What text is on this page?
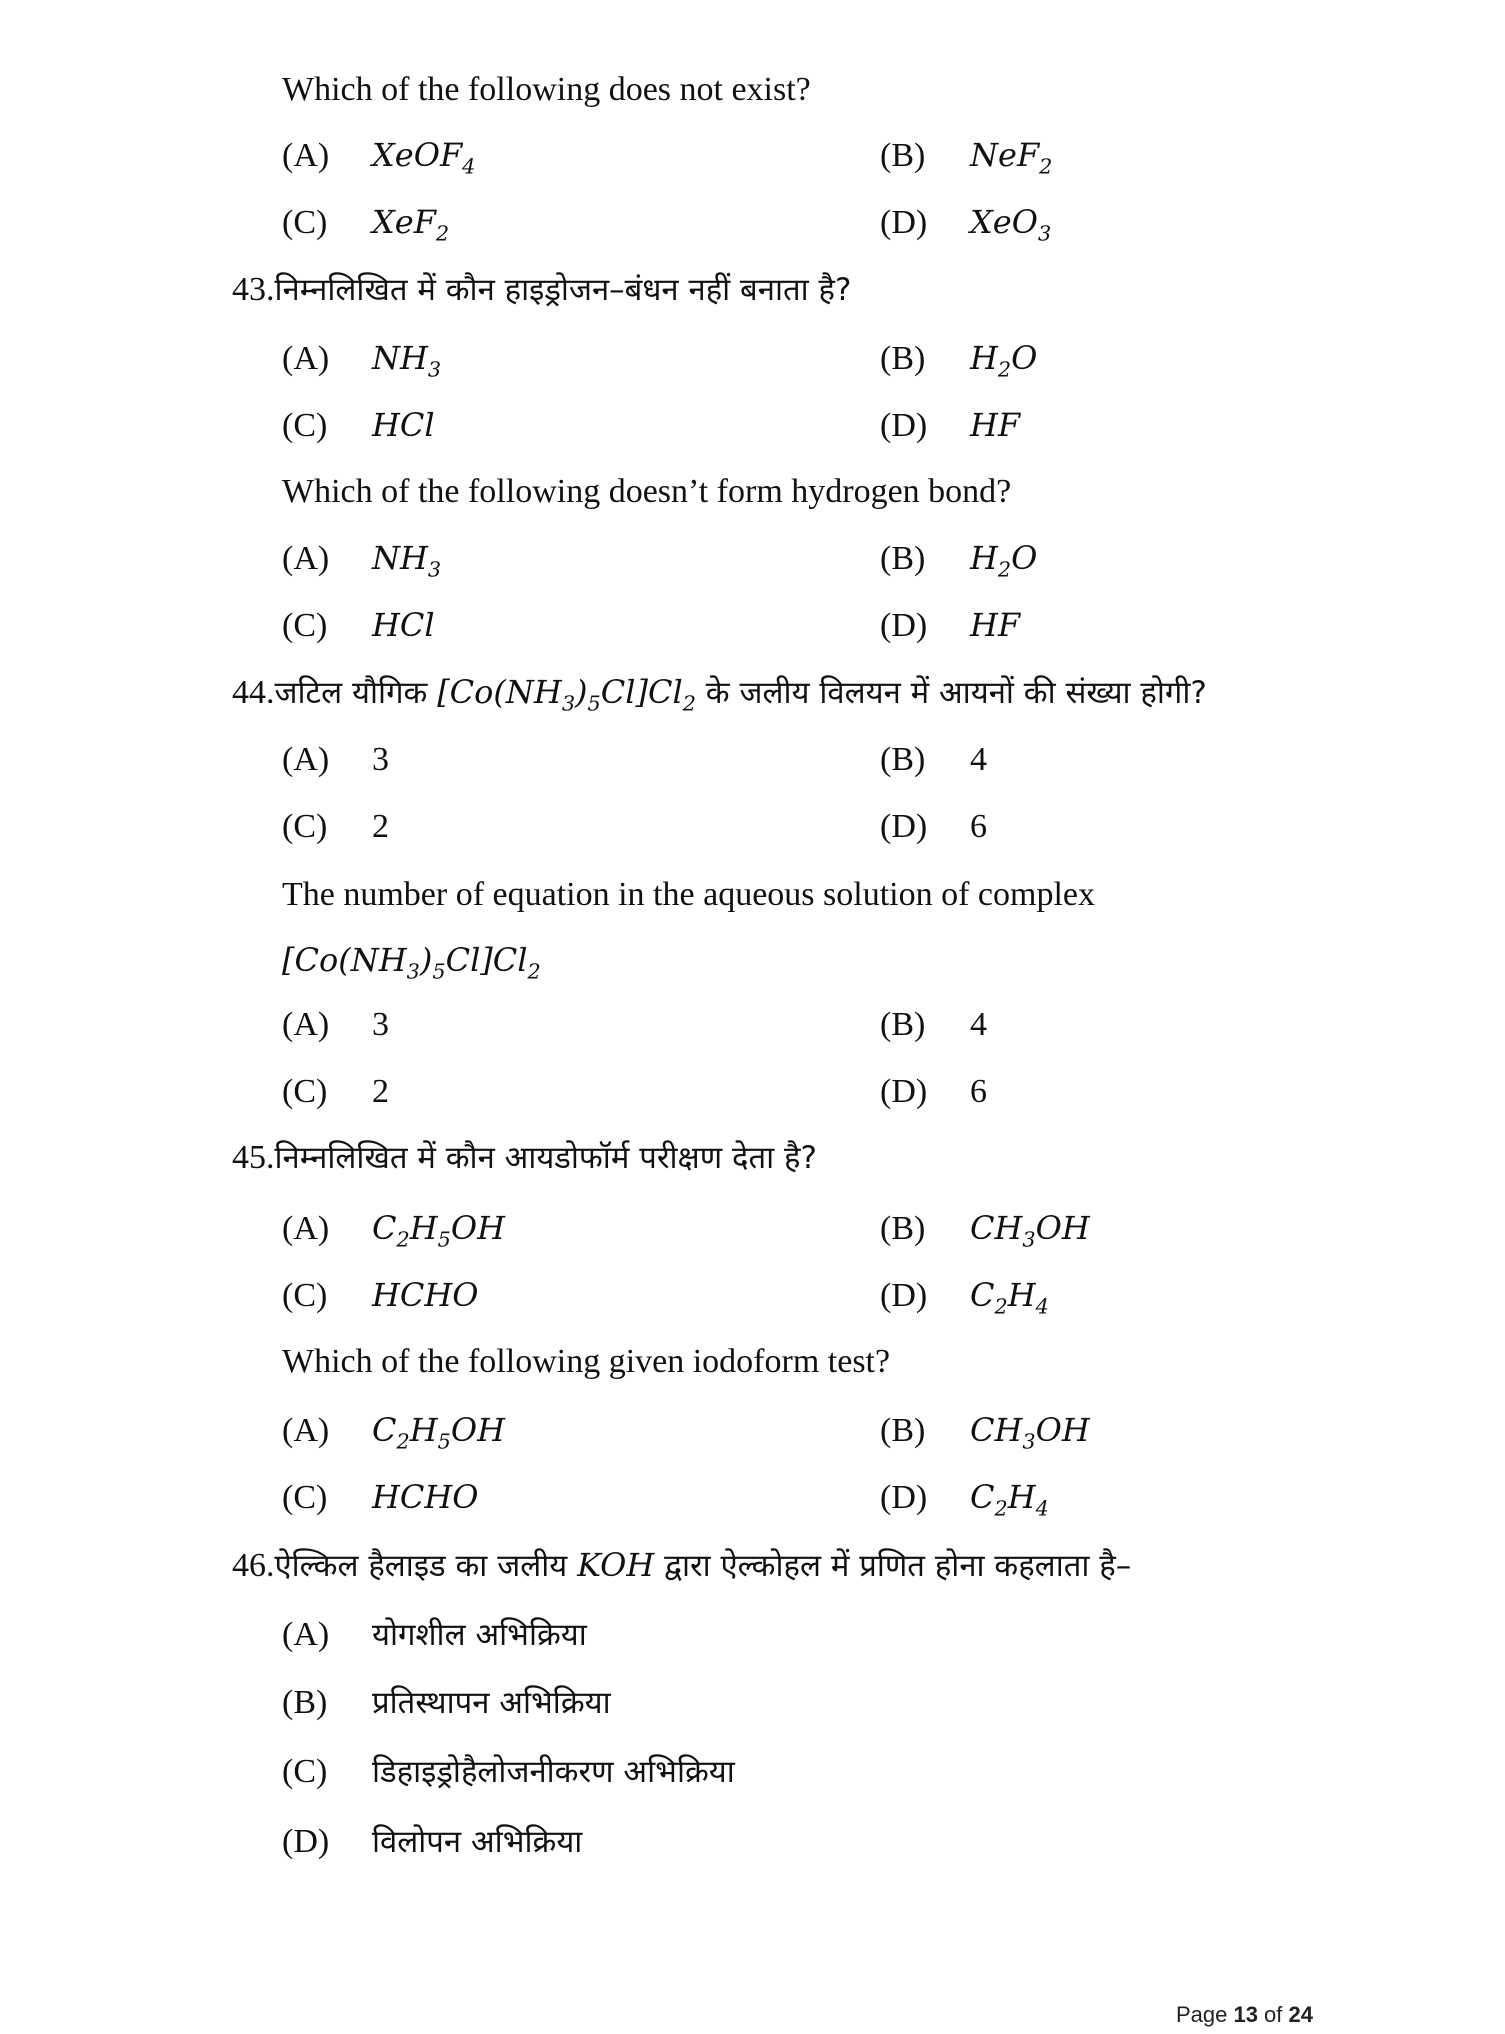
Which of the following does not exist?
(A) XeOF$_4$	(B) NeF$_2$
(C) XeF$_2$	(D) XeO$_3$
43.निम्नलिखित में कौन हाइड्रोजन–बंधन नहीं बनाता है?
(A) $NH_3$	(B) $H_2O$
(C) HCl	(D) HF
Which of the following doesn’t form hydrogen bond?
(A) $NH_3$	(B) $H_2O$
(C) HCl	(D) HF
44.जटिल यौगिक $[Co(NH_3)_5Cl]Cl_2$ के जलीय विलयन में आयनों की संख्या होगी?
(A) 3	(B) 4
(C) 2	(D) 6
The number of equation in the aqueous solution of complex
$[Co(NH_3)_5Cl]Cl_2$
(A) 3	(B) 4
(C) 2	(D) 6
45.निम्नलिखित में कौन आयडोफॉर्म परीक्षण देता है?
(A) $C_2H_5OH$	(B) $CH_3OH$
(C) HCHO	(D) $C_2H_4$
Which of the following given iodoform test?
(A) $C_2H_5OH$	(B) $CH_3OH$
(C) HCHO	(D) $C_2H_4$
46.ऐल्किल हैलाइड का जलीय KOH द्वारा ऐल्कोहल में प्रणित होना कहलाता है–
(A) योगशील अभिक्रिया
(B) प्रतिस्थापन अभिक्रिया
(C) डिहाइड्रोहैलोजनीकरण अभिक्रिया
(D) विलोपन अभिक्रिया
Page 13 of 24
